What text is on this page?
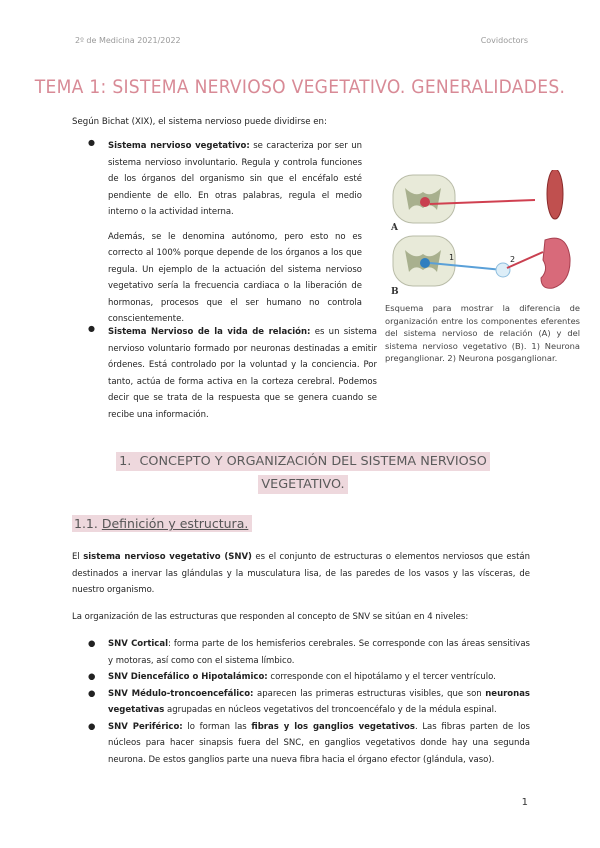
2º de Medicina 2021/2022	Covidoctors
TEMA 1: SISTEMA NERVIOSO VEGETATIVO. GENERALIDADES.
Según Bichat (XIX), el sistema nervioso puede dividirse en:
● Sistema nervioso vegetativo: se caracteriza por ser un sistema nervioso involuntario. Regula y controla funciones de los órganos del organismo sin que el encéfalo esté pendiente de ello. En otras palabras, regula el medio interno o la actividad interna.
Además, se le denomina autónomo, pero esto no es correcto al 100% porque depende de los órganos a los que regula. Un ejemplo de la actuación del sistema nervioso vegetativo sería la frecuencia cardiaca o la liberación de hormonas, procesos que el ser humano no controla conscientemente.
● Sistema Nervioso de la vida de relación: es un sistema nervioso voluntario formado por neuronas destinadas a emitir órdenes. Está controlado por la voluntad y la conciencia. Por tanto, actúa de forma activa en la corteza cerebral. Podemos decir que se trata de la respuesta que se genera cuando se recibe una información.
A
B
1	2
Esquema para mostrar la diferencia de organización entre los componentes eferentes del sistema nervioso de relación (A) y del sistema nervioso vegetativo (B). 1) Neurona preganglionar. 2) Neurona posganglionar.
1. CONCEPTO Y ORGANIZACIÓN DEL SISTEMA NERVIOSO
VEGETATIVO.
1.1. Definición y estructura.
El sistema nervioso vegetativo (SNV) es el conjunto de estructuras o elementos nerviosos que están destinados a inervar las glándulas y la musculatura lisa, de las paredes de los vasos y las vísceras, de nuestro organismo.
La organización de las estructuras que responden al concepto de SNV se sitúan en 4 niveles:
● SNV Cortical: forma parte de los hemisferios cerebrales. Se corresponde con las áreas sensitivas y motoras, así como con el sistema límbico.
● SNV Diencefálico o Hipotalámico: corresponde con el hipotálamo y el tercer ventrículo.
● SNV Médulo-troncoencefálico: aparecen las primeras estructuras visibles, que son neuronas vegetativas agrupadas en núcleos vegetativos del troncoencéfalo y de la médula espinal.
● SNV Periférico: lo forman las fibras y los ganglios vegetativos. Las fibras parten de los núcleos para hacer sinapsis fuera del SNC, en ganglios vegetativos donde hay una segunda neurona. De estos ganglios parte una nueva fibra hacia el órgano efector (glándula, vaso).
1
